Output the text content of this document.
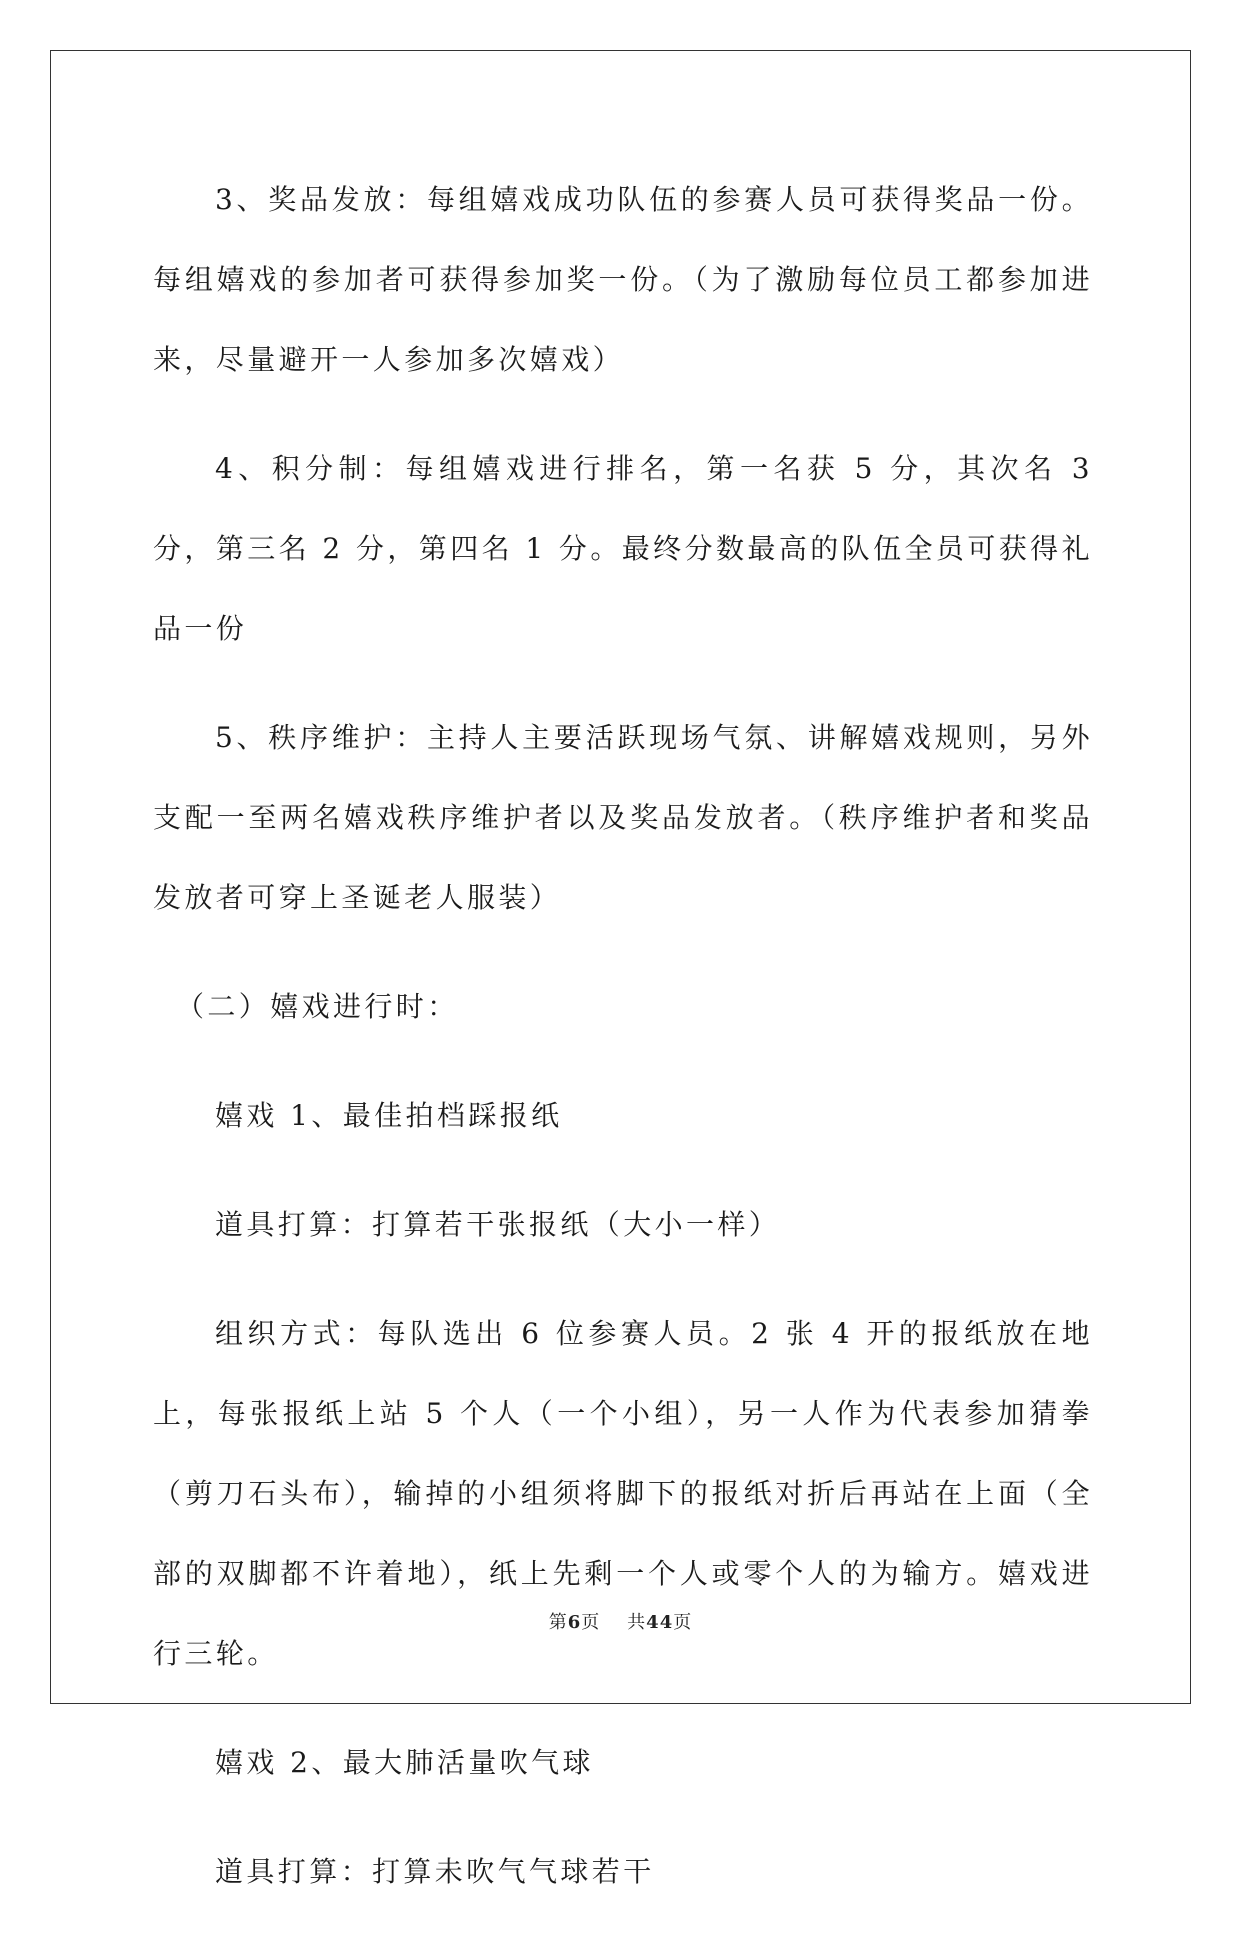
3、奖品发放：每组嬉戏成功队伍的参赛人员可获得奖品一份。每组嬉戏的参加者可获得参加奖一份。（为了激励每位员工都参加进来，尽量避开一人参加多次嬉戏）

4、积分制：每组嬉戏进行排名，第一名获 5 分，其次名 3 分，第三名 2 分，第四名 1 分。最终分数最高的队伍全员可获得礼品一份

5、秩序维护：主持人主要活跃现场气氛、讲解嬉戏规则，另外支配一至两名嬉戏秩序维护者以及奖品发放者。（秩序维护者和奖品发放者可穿上圣诞老人服装）

（二）嬉戏进行时：

嬉戏 1、最佳拍档踩报纸

道具打算：打算若干张报纸（大小一样）

组织方式：每队选出 6 位参赛人员。2 张 4 开的报纸放在地上，每张报纸上站 5 个人（一个小组），另一人作为代表参加猜拳（剪刀石头布），输掉的小组须将脚下的报纸对折后再站在上面（全部的双脚都不许着地），纸上先剩一个人或零个人的为输方。嬉戏进行三轮。

嬉戏 2、最大肺活量吹气球

道具打算：打算未吹气气球若干

第6页 共44页
